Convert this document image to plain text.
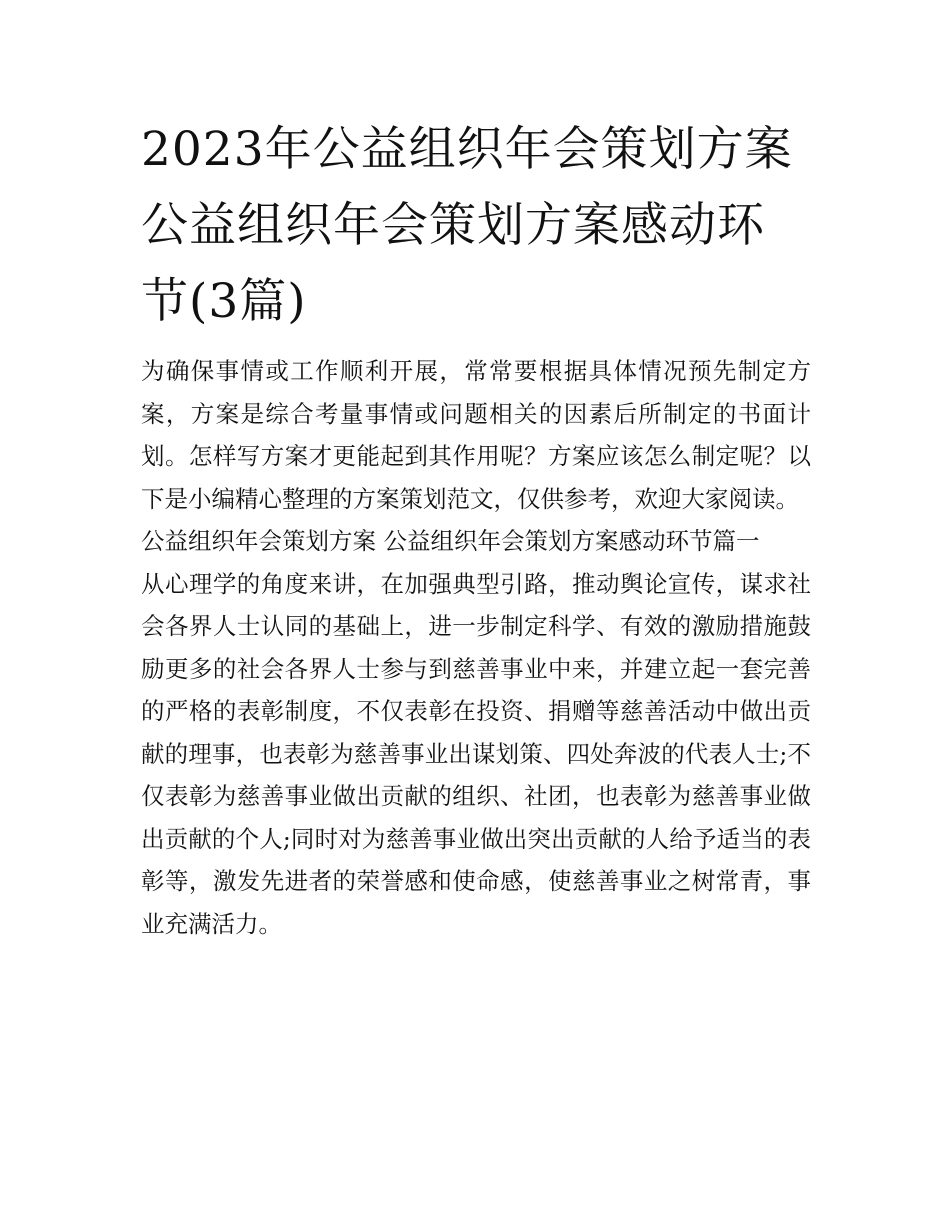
2023年公益组织年会策划方案
公益组织年会策划方案感动环
节(3篇)

为确保事情或工作顺利开展，常常要根据具体情况预先制定方案，方案是综合考量事情或问题相关的因素后所制定的书面计划。怎样写方案才更能起到其作用呢？方案应该怎么制定呢？以下是小编精心整理的方案策划范文，仅供参考，欢迎大家阅读。

公益组织年会策划方案 公益组织年会策划方案感动环节篇一

从心理学的角度来讲，在加强典型引路，推动舆论宣传，谋求社会各界人士认同的基础上，进一步制定科学、有效的激励措施鼓励更多的社会各界人士参与到慈善事业中来，并建立起一套完善的严格的表彰制度，不仅表彰在投资、捐赠等慈善活动中做出贡献的理事，也表彰为慈善事业出谋划策、四处奔波的代表人士;不仅表彰为慈善事业做出贡献的组织、社团，也表彰为慈善事业做出贡献的个人;同时对为慈善事业做出突出贡献的人给予适当的表彰等，激发先进者的荣誉感和使命感，使慈善事业之树常青，事业充满活力。
